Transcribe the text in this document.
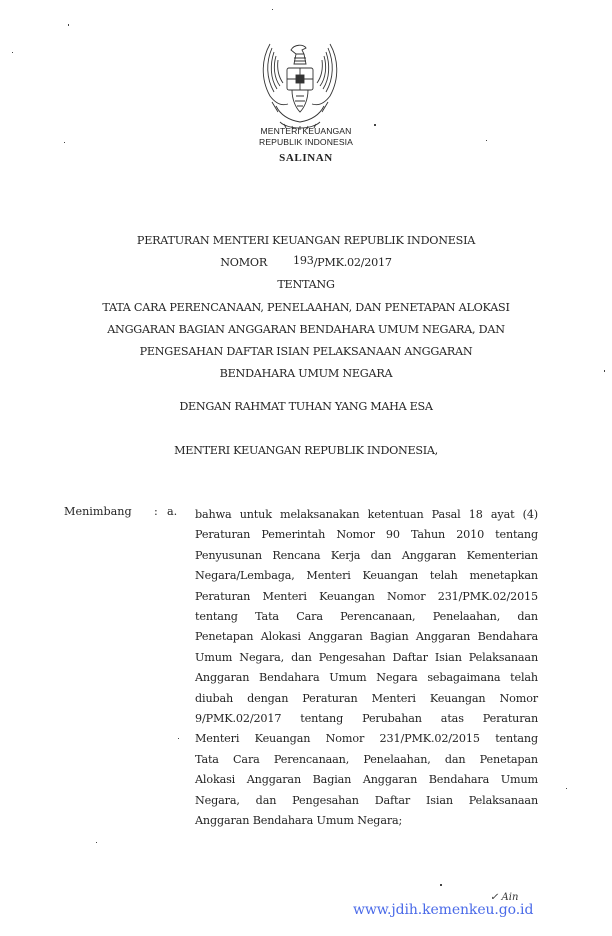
MENTERI KEUANGAN
REPUBLIK INDONESIA
SALINAN
PERATURAN MENTERI KEUANGAN REPUBLIK INDONESIA
NOMOR 193/PMK.02/2017
TENTANG
TATA CARA PERENCANAAN, PENELAAHAN, DAN PENETAPAN ALOKASI
ANGGARAN BAGIAN ANGGARAN BENDAHARA UMUM NEGARA, DAN
PENGESAHAN DAFTAR ISIAN PELAKSANAAN ANGGARAN
BENDAHARA UMUM NEGARA
DENGAN RAHMAT TUHAN YANG MAHA ESA
MENTERI KEUANGAN REPUBLIK INDONESIA,
Menimbang : a. bahwa untuk melaksanakan ketentuan Pasal 18 ayat (4)
Peraturan Pemerintah Nomor 90 Tahun 2010 tentang
Penyusunan Rencana Kerja dan Anggaran Kementerian
Negara/Lembaga, Menteri Keuangan telah menetapkan
Peraturan Menteri Keuangan Nomor 231/PMK.02/2015
tentang Tata Cara Perencanaan, Penelaahan, dan
Penetapan Alokasi Anggaran Bagian Anggaran Bendahara
Umum Negara, dan Pengesahan Daftar Isian Pelaksanaan
Anggaran Bendahara Umum Negara sebagaimana telah
diubah dengan Peraturan Menteri Keuangan Nomor
9/PMK.02/2017 tentang Perubahan atas Peraturan
Menteri Keuangan Nomor 231/PMK.02/2015 tentang
Tata Cara Perencanaan, Penelaahan, dan Penetapan
Alokasi Anggaran Bagian Anggaran Bendahara Umum
Negara, dan Pengesahan Daftar Isian Pelaksanaan
Anggaran Bendahara Umum Negara;
✓ Ain
www.jdih.kemenkeu.go.id
